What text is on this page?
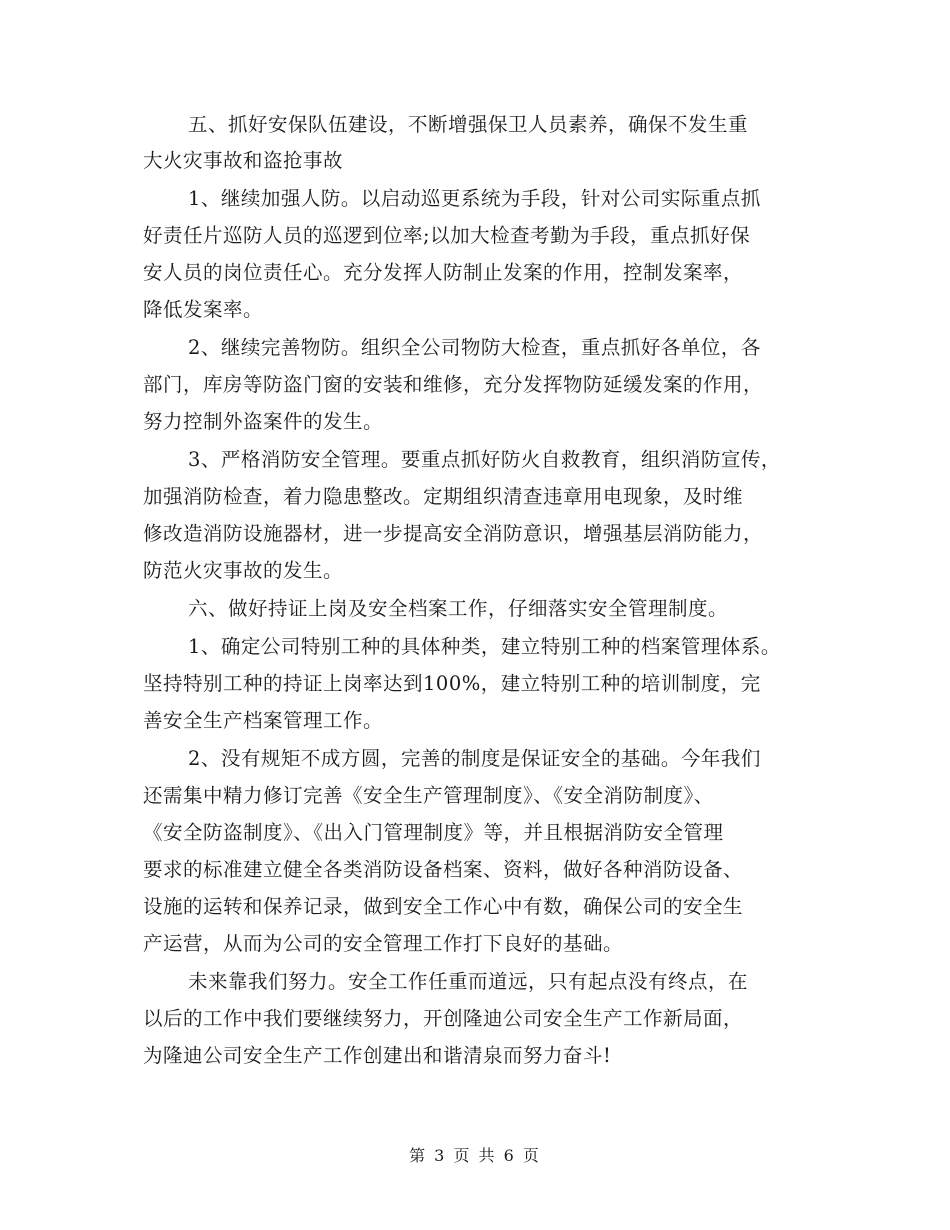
五、抓好安保队伍建设，不断增强保卫人员素养，确保不发生重
大火灾事故和盗抢事故
1、继续加强人防。以启动巡更系统为手段，针对公司实际重点抓
好责任片巡防人员的巡逻到位率;以加大检查考勤为手段，重点抓好保
安人员的岗位责任心。充分发挥人防制止发案的作用，控制发案率，
降低发案率。
2、继续完善物防。组织全公司物防大检查，重点抓好各单位，各
部门，库房等防盗门窗的安装和维修，充分发挥物防延缓发案的作用，
努力控制外盗案件的发生。
3、严格消防安全管理。要重点抓好防火自救教育，组织消防宣传，
加强消防检查，着力隐患整改。定期组织清查违章用电现象，及时维
修改造消防设施器材，进一步提高安全消防意识，增强基层消防能力，
防范火灾事故的发生。
六、做好持证上岗及安全档案工作，仔细落实安全管理制度。
1、确定公司特别工种的具体种类，建立特别工种的档案管理体系。
坚持特别工种的持证上岗率达到100%，建立特别工种的培训制度，完
善安全生产档案管理工作。
2、没有规矩不成方圆，完善的制度是保证安全的基础。今年我们
还需集中精力修订完善《安全生产管理制度》、《安全消防制度》、
《安全防盗制度》、《出入门管理制度》等，并且根据消防安全管理
要求的标准建立健全各类消防设备档案、资料，做好各种消防设备、
设施的运转和保养记录，做到安全工作心中有数，确保公司的安全生
产运营，从而为公司的安全管理工作打下良好的基础。
未来靠我们努力。安全工作任重而道远，只有起点没有终点，在
以后的工作中我们要继续努力，开创隆迪公司安全生产工作新局面，
为隆迪公司安全生产工作创建出和谐清泉而努力奋斗!
第 3 页 共 6 页
